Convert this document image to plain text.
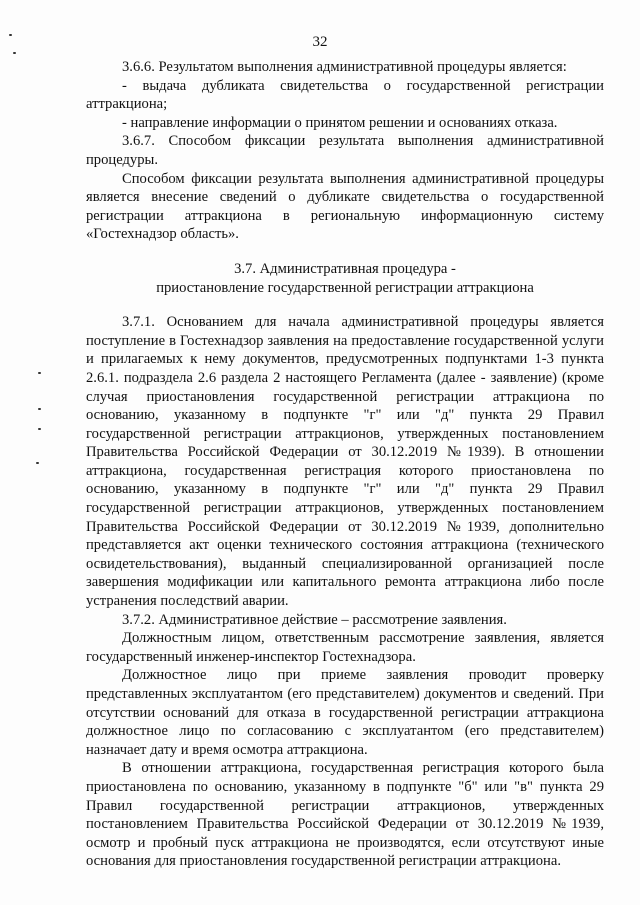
32

3.6.6. Результатом выполнения административной процедуры является:

- выдача дубликата свидетельства о государственной регистрации аттракциона;

- направление информации о принятом решении и основаниях отказа.

3.6.7. Способом фиксации результата выполнения административной процедуры.

Способом фиксации результата выполнения административной процедуры является внесение сведений о дубликате свидетельства о государственной регистрации аттракциона в региональную информационную систему «Гостехнадзор область».

3.7. Административная процедура -
приостановление государственной регистрации аттракциона

3.7.1. Основанием для начала административной процедуры является поступление в Гостехнадзор заявления на предоставление государственной услуги и прилагаемых к нему документов, предусмотренных подпунктами 1-3 пункта 2.6.1. подраздела 2.6 раздела 2 настоящего Регламента (далее - заявление) (кроме случая приостановления государственной регистрации аттракциона по основанию, указанному в подпункте "г" или "д" пункта 29 Правил государственной регистрации аттракционов, утвержденных постановлением Правительства Российской Федерации от 30.12.2019 №1939). В отношении аттракциона, государственная регистрация которого приостановлена по основанию, указанному в подпункте "г" или "д" пункта 29 Правил государственной регистрации аттракционов, утвержденных постановлением Правительства Российской Федерации от 30.12.2019 №1939, дополнительно представляется акт оценки технического состояния аттракциона (технического освидетельствования), выданный специализированной организацией после завершения модификации или капитального ремонта аттракциона либо после устранения последствий аварии.

3.7.2. Административное действие – рассмотрение заявления.

Должностным лицом, ответственным рассмотрение заявления, является государственный инженер-инспектор Гостехнадзора.

Должностное лицо при приеме заявления проводит проверку представленных эксплуатантом (его представителем) документов и сведений. При отсутствии оснований для отказа в государственной регистрации аттракциона должностное лицо по согласованию с эксплуатантом (его представителем) назначает дату и время осмотра аттракциона.

В отношении аттракциона, государственная регистрация которого была приостановлена по основанию, указанному в подпункте "б" или "в" пункта 29 Правил государственной регистрации аттракционов, утвержденных постановлением Правительства Российской Федерации от 30.12.2019 №1939, осмотр и пробный пуск аттракциона не производятся, если отсутствуют иные основания для приостановления государственной регистрации аттракциона.
